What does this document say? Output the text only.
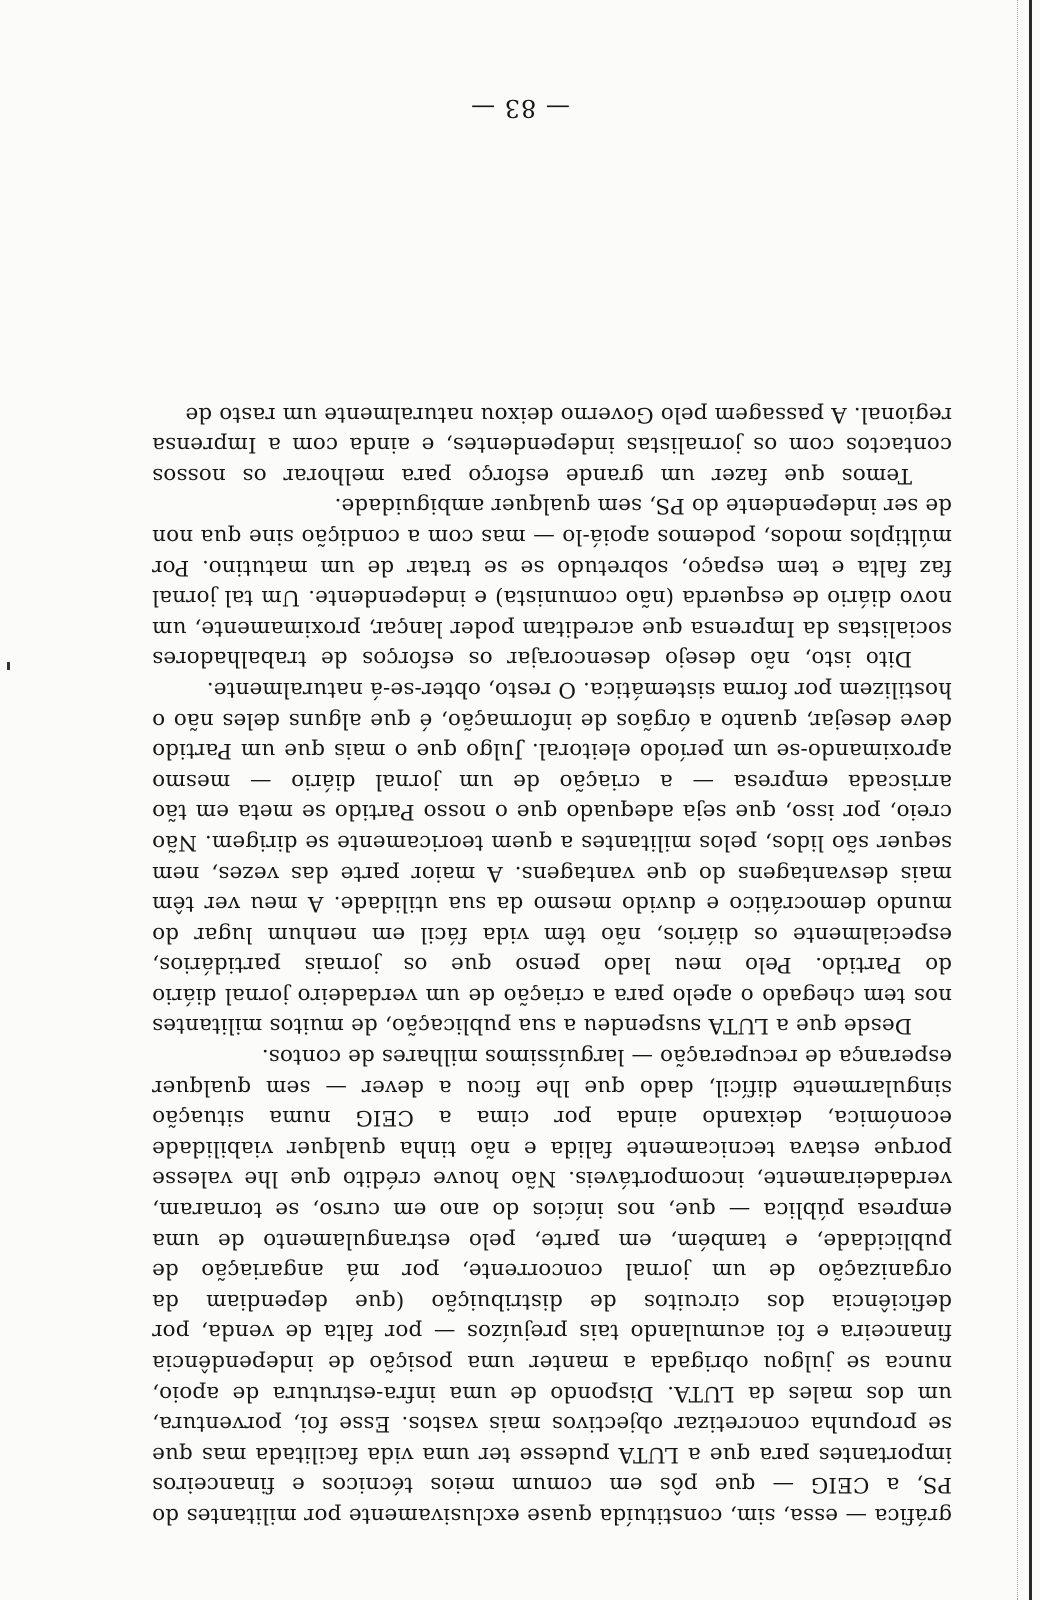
gráfica — essa, sim, constituída quase exclusivamente por militantes do PS, a CEIG — que pôs em comum meios técnicos e financeiros importantes para que a LUTA pudesse ter uma vida facilitada mas que se propunha concretizar objectivos mais vastos. Esse foi, porventura, um dos males da LUTA. Dispondo de uma infra-estrutura de apoio, nunca se julgou obrigada a manter uma posição de independência financeira e foi acumulando tais prejuízos — por falta de venda, por deficiência dos circuitos de distribuição (que dependiam da organização de um jornal concorrente, por má angariação de publicidade, e também, em parte, pelo estrangulamento de uma empresa pública — que, nos inícios do ano em curso, se tornaram, verdadeiramente, incomportáveis. Não houve crédito que lhe valesse porque estava tecnicamente falida e não tinha qualquer viabilidade económica, deixando ainda por cima a CEIG numa situação singularmente difícil, dado que lhe ficou a dever — sem qualquer esperança de recuperação — larguíssimos milhares de contos.

Desde que a LUTA suspendeu a sua publicação, de muitos militantes nos tem chegado o apelo para a criação de um verdadeiro jornal diário do Partido. Pelo meu lado penso que os jornais partidários, especialmente os diários, não têm vida fácil em nenhum lugar do mundo democrático e duvido mesmo da sua utilidade. A meu ver têm mais desvantagens do que vantagens. A maior parte das vezes, nem sequer são lidos, pelos militantes a quem teoricamente se dirigem. Não creio, por isso, que seja adequado que o nosso Partido se meta em tão arriscada empresa — a criação de um jornal diário — mesmo aproximando-se um período eleitoral. Julgo que o mais que um Partido deve desejar, quanto a órgãos de informação, é que alguns deles não o hostilizem por forma sistemática. O resto, obter-se-á naturalmente.

Dito isto, não desejo desencorajar os esforços de trabalhadores socialistas da Imprensa que acreditam poder lançar, proximamente, um novo diário de esquerda (não comunista) e independente. Um tal jornal faz falta e tem espaço, sobretudo se se tratar de um matutino. Por múltiplos modos, podemos apoiá-lo — mas com a condição sine qua non de ser independente do PS, sem qualquer ambiguidade.

Temos que fazer um grande esforço para melhorar os nossos contactos com os jornalistas independentes, e ainda com a Imprensa regional. A passagem pelo Governo deixou naturalmente um rasto de

— 83 —
